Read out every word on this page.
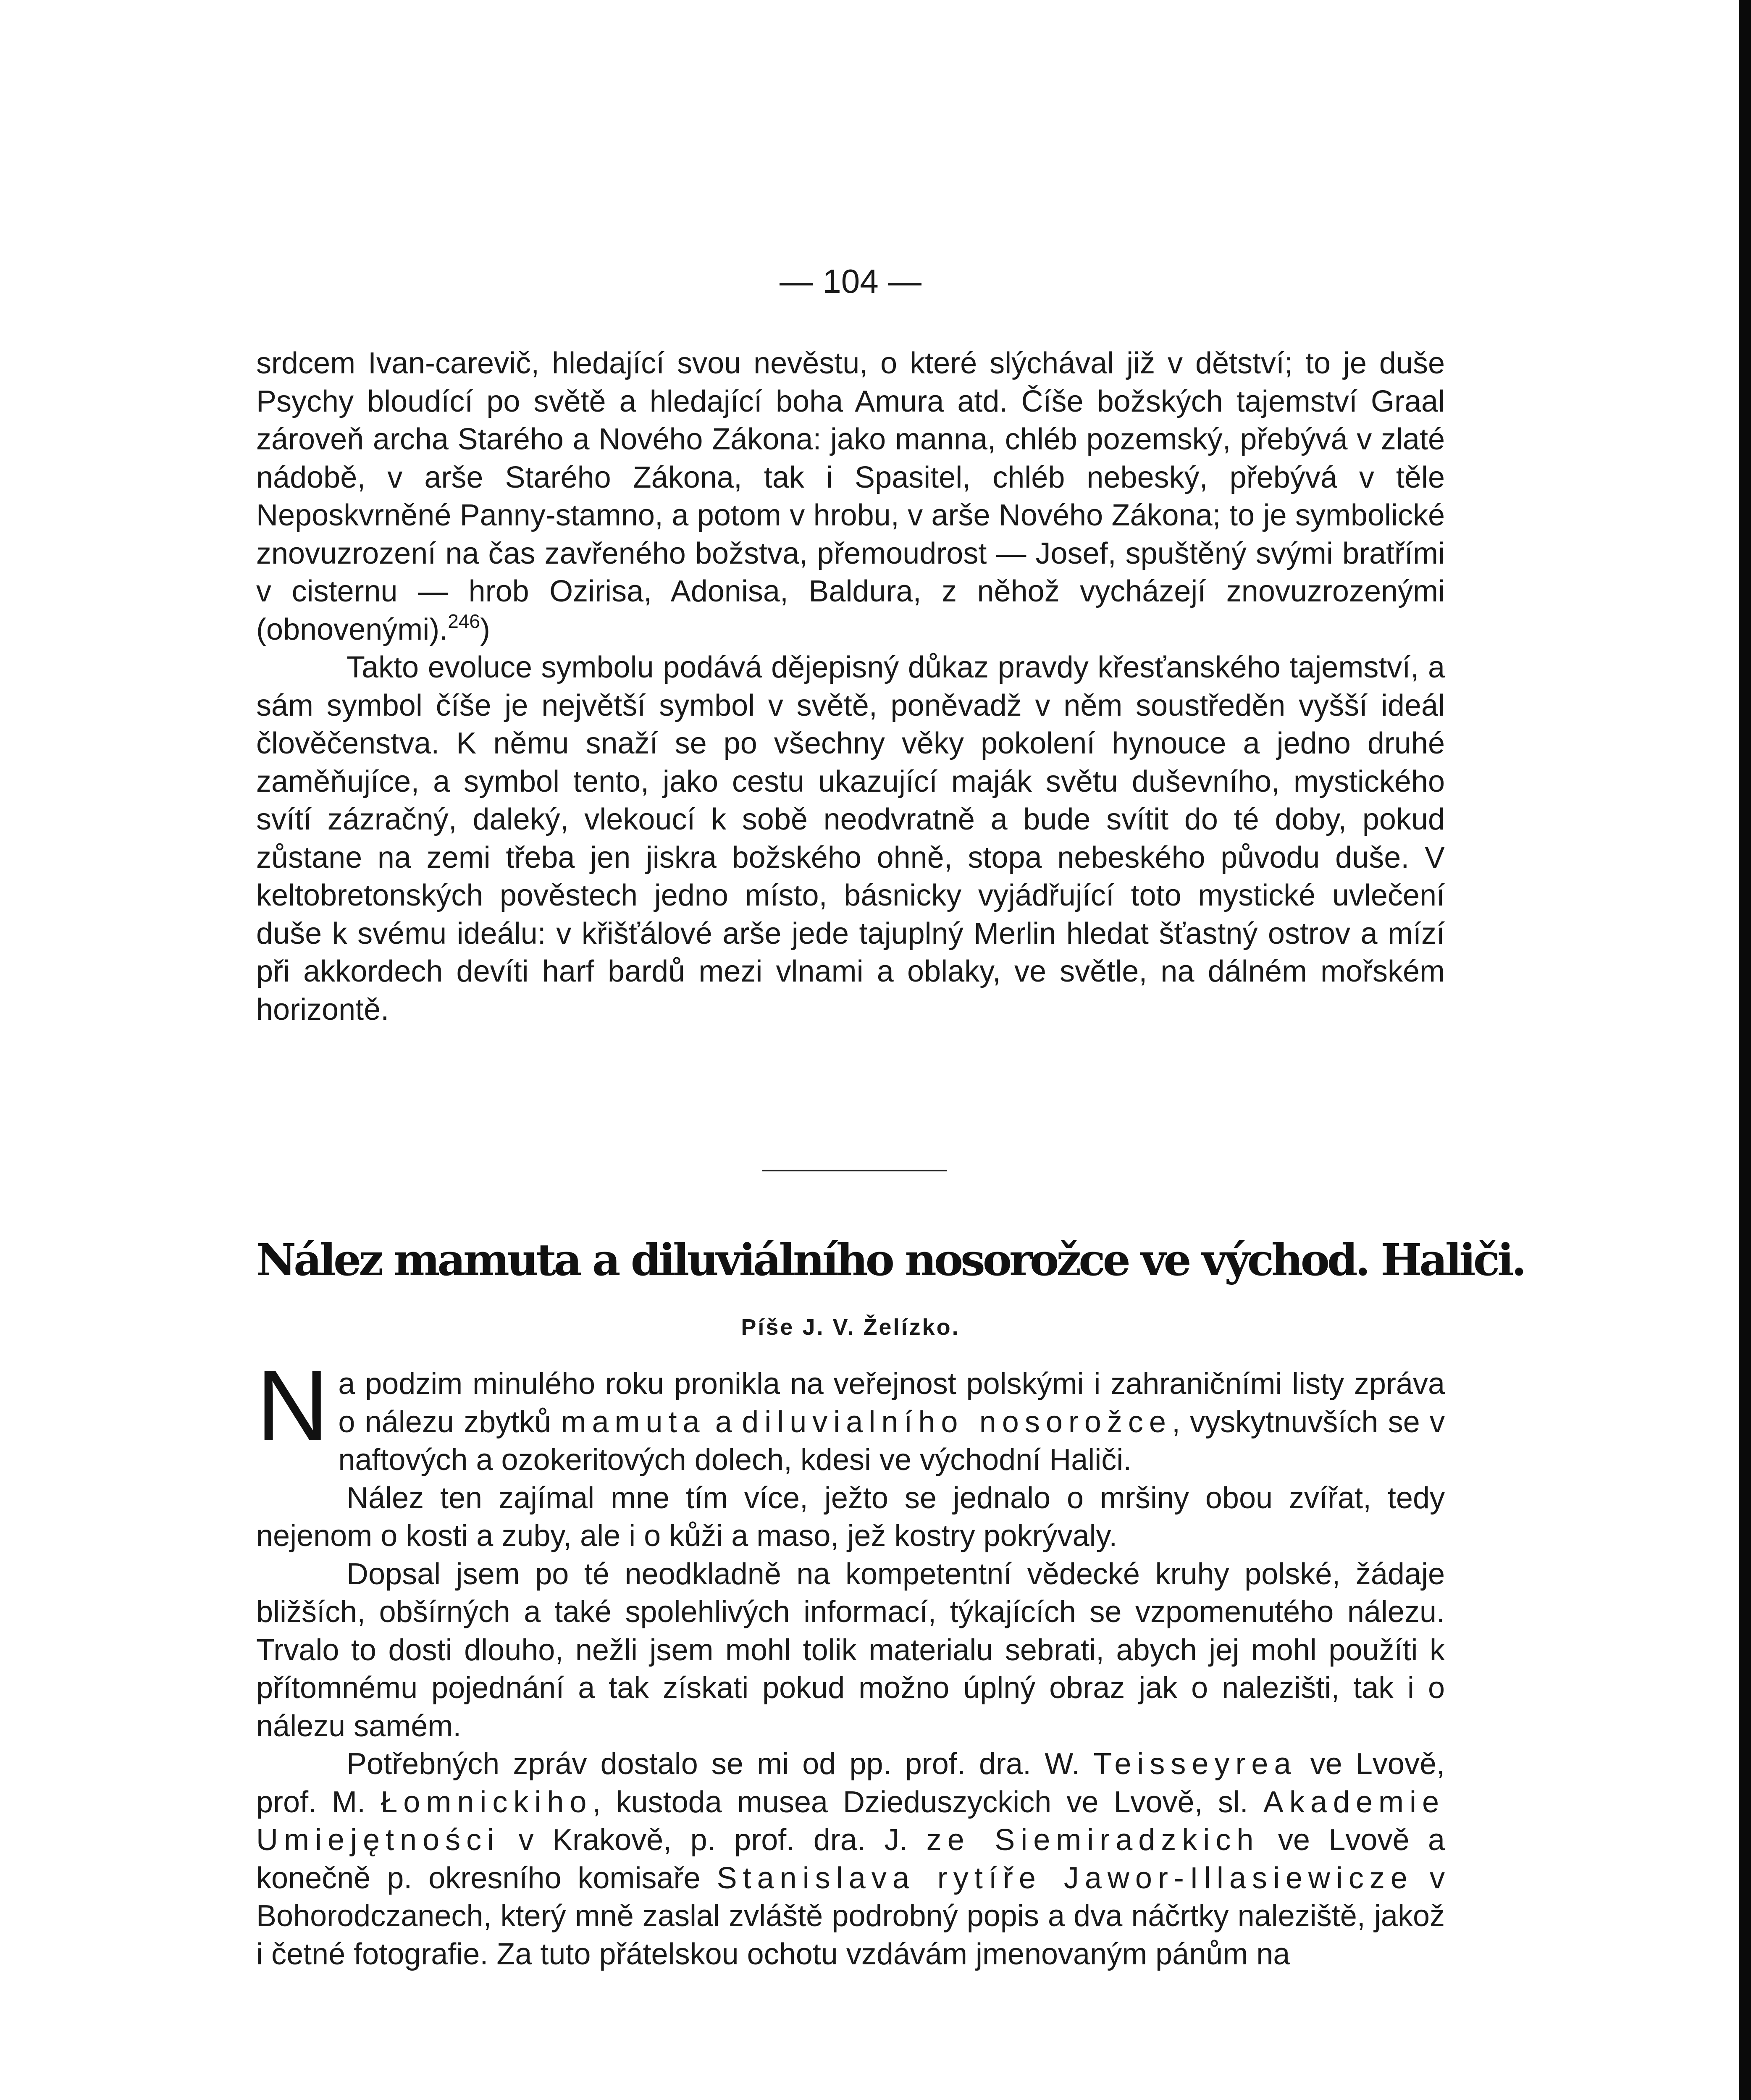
— 104 —

srdcem Ivan-carevič, hledající svou nevěstu, o které slýchával již v dětství; to je duše Psychy bloudící po světě a hledající boha Amura atd. Číše božských tajemství Graal zároveň archa Starého a Nového Zákona: jako manna, chléb pozemský, přebývá v zlaté nádobě, v arše Starého Zákona, tak i Spasitel, chléb nebeský, přebývá v těle Neposkvrněné Panny-stamno, a potom v hrobu, v arše Nového Zákona; to je symbolické znovuzrození na čas zavřeného božstva, přemoudrost — Josef, spuštěný svými bratřími v cisternu — hrob Ozirisa, Adonisa, Baldura, z něhož vycházejí znovuzrozenými (obnovenými).$^{246}$)

Takto evoluce symbolu podává dějepisný důkaz pravdy křesťanského tajemství, a sám symbol číše je největší symbol v světě, poněvadž v něm soustředěn vyšší ideál člověčenstva. K němu snaží se po všechny věky pokolení hynouce a jedno druhé zaměňujíce, a symbol tento, jako cestu ukazující maják světu duševního, mystického svítí zázračný, daleký, vlekoucí k sobě neodvratně a bude svítit do té doby, pokud zůstane na zemi třeba jen jiskra božského ohně, stopa nebeského původu duše. V keltobretonských pověstech jedno místo, básnicky vyjádřující toto mystické uvlečení duše k svému ideálu: v křišťálové arše jede tajuplný Merlin hledat šťastný ostrov a mízí při akkordech devíti harf bardů mezi vlnami a oblaky, ve světle, na dálném mořském horizontě.

Nález mamuta a diluviálního nosorožce ve východ. Haliči.
Píše J. V. Želízko.

Na podzim minulého roku pronikla na veřejnost polskými i zahraničními listy zpráva o nálezu zbytků mamuta a diluvialního nosorožce, vyskytnuvších se v naftových a ozokeritových dolech, kdesi ve východní Haliči.

Nález ten zajímal mne tím více, ježto se jednalo o mršiny obou zvířat, tedy nejenom o kosti a zuby, ale i o kůži a maso, jež kostry pokrývaly.

Dopsal jsem po té neodkladně na kompetentní vědecké kruhy polské, žádaje bližších, obšírných a také spolehlivých informací, týkajících se vzpomenutého nálezu. Trvalo to dosti dlouho, nežli jsem mohl tolik materialu sebrati, abych jej mohl použíti k přítomnému pojednání a tak získati pokud možno úplný obraz jak o nalezišti, tak i o nálezu samém.

Potřebných zpráv dostalo se mi od pp. prof. dra. W. Teisseyrea ve Lvově, prof. M. Łomnickiho, kustoda musea Dzieduszyckich ve Lvově, sl. Akademie Umiejętności v Krakově, p. prof. dra. J. ze Siemiradzkich ve Lvově a konečně p. okresního komisaře Stanislava rytíře Jawor-Illasiewicze v Bohorodczanech, který mně zaslal zvláště podrobný popis a dva náčrtky naleziště, jakož i četné fotografie. Za tuto přátelskou ochotu vzdávám jmenovaným pánům na
